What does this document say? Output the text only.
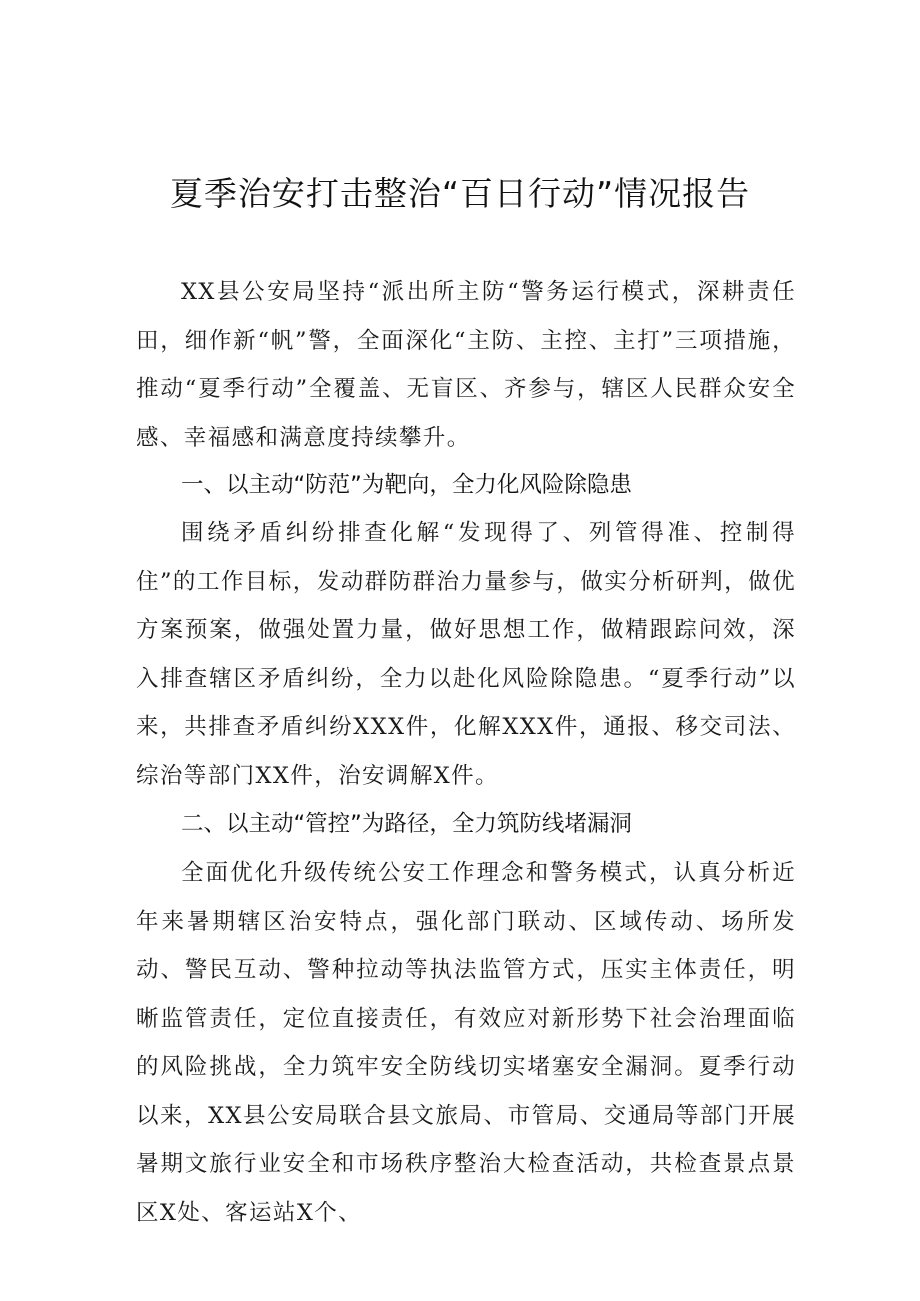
夏季治安打击整治“百日行动”情况报告

XX县公安局坚持“派出所主防“警务运行模式，深耕责任田，细作新“帆”警，全面深化“主防、主控、主打”三项措施，推动“夏季行动”全覆盖、无盲区、齐参与，辖区人民群众安全感、幸福感和满意度持续攀升。

一、以主动“防范”为靶向，全力化风险除隐患

围绕矛盾纠纷排查化解“发现得了、列管得准、控制得住”的工作目标，发动群防群治力量参与，做实分析研判，做优方案预案，做强处置力量，做好思想工作，做精跟踪问效，深入排查辖区矛盾纠纷，全力以赴化风险除隐患。“夏季行动”以来，共排查矛盾纠纷XXX件，化解XXX件，通报、移交司法、综治等部门XX件，治安调解X件。

二、以主动“管控”为路径，全力筑防线堵漏洞

全面优化升级传统公安工作理念和警务模式，认真分析近年来暑期辖区治安特点，强化部门联动、区域传动、场所发动、警民互动、警种拉动等执法监管方式，压实主体责任，明晰监管责任，定位直接责任，有效应对新形势下社会治理面临的风险挑战，全力筑牢安全防线切实堵塞安全漏洞。夏季行动以来，XX县公安局联合县文旅局、市管局、交通局等部门开展暑期文旅行业安全和市场秩序整治大检查活动，共检查景点景区X处、客运站X个、
